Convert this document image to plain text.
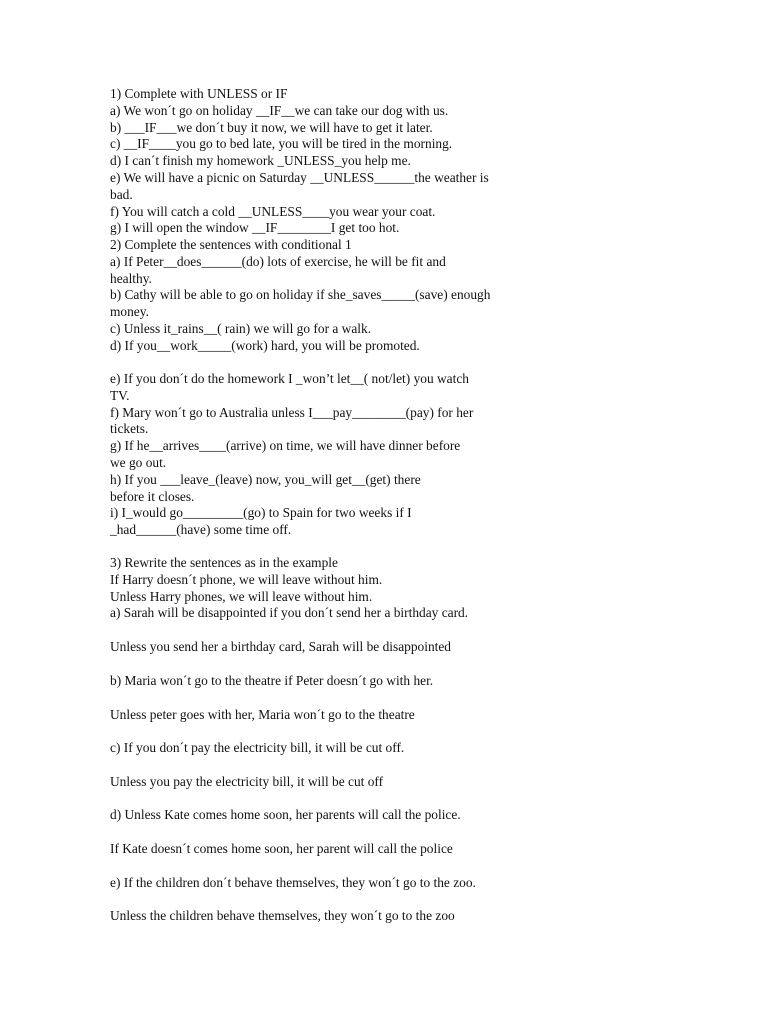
1) Complete with UNLESS or IF
a) We won´t go on holiday __IF__we can take our dog with us.
b) ___IF___we don´t buy it now, we will have to get it later.
c) __IF____you go to bed late, you will be tired in the morning.
d) I can´t finish my homework _UNLESS_you help me.
e) We will have a picnic on Saturday __UNLESS______the weather is
bad.
f) You will catch a cold __UNLESS____you wear your coat.
g) I will open the window __IF________I get too hot.
2) Complete the sentences with conditional 1
a) If Peter__does______(do) lots of exercise, he will be fit and
healthy.
b) Cathy will be able to go on holiday if she_saves_____(save) enough
money.
c) Unless it_rains__( rain) we will go for a walk.
d) If you__work_____(work) hard, you will be promoted.
e) If you don´t do the homework I _won’t let__( not/let) you watch
TV.
f) Mary won´t go to Australia unless I___pay________(pay) for her
tickets.
g) If he__arrives____(arrive) on time, we will have dinner before
we go out.
h) If you ___leave_(leave) now, you_will get__(get) there
before it closes.
i) I_would go_________(go) to Spain for two weeks if I
_had______(have) some time off.
3) Rewrite the sentences as in the example
If Harry doesn´t phone, we will leave without him.
Unless Harry phones, we will leave without him.
a) Sarah will be disappointed if you don´t send her a birthday card.
Unless you send her a birthday card, Sarah will be disappointed
b) Maria won´t go to the theatre if Peter doesn´t go with her.
Unless peter goes with her, Maria won´t go to the theatre
c) If you don´t pay the electricity bill, it will be cut off.
Unless you pay the electricity bill, it will be cut off
d) Unless Kate comes home soon, her parents will call the police.
If Kate doesn´t comes home soon, her parent will call the police
e) If the children don´t behave themselves, they won´t go to the zoo.
Unless the children behave themselves, they won´t go to the zoo
